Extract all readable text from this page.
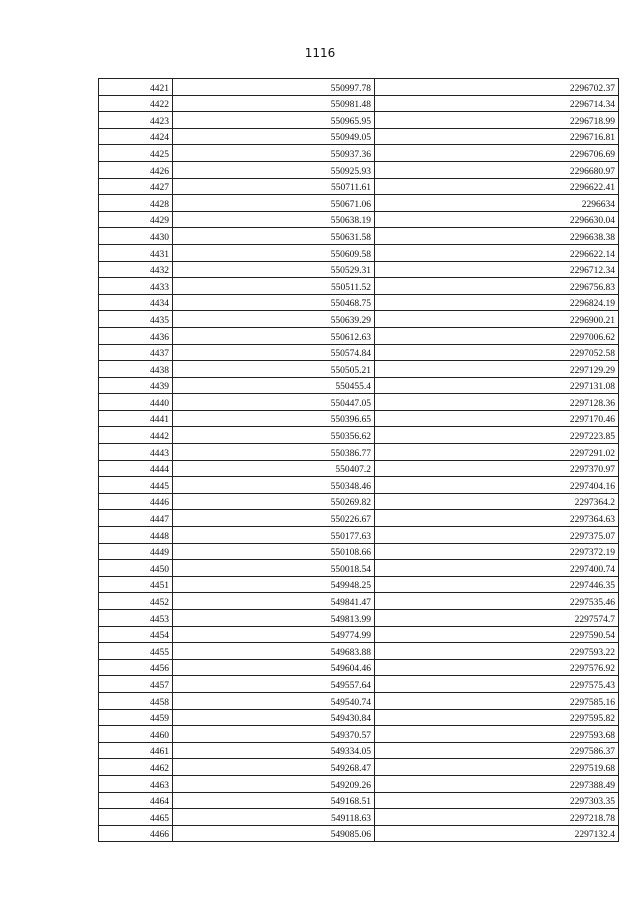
1116
4421	550997.78	2296702.37
4422	550981.48	2296714.34
4423	550965.95	2296718.99
4424	550949.05	2296716.81
4425	550937.36	2296706.69
4426	550925.93	2296680.97
4427	550711.61	2296622.41
4428	550671.06	2296634
4429	550638.19	2296630.04
4430	550631.58	2296638.38
4431	550609.58	2296622.14
4432	550529.31	2296712.34
4433	550511.52	2296756.83
4434	550468.75	2296824.19
4435	550639.29	2296900.21
4436	550612.63	2297006.62
4437	550574.84	2297052.58
4438	550505.21	2297129.29
4439	550455.4	2297131.08
4440	550447.05	2297128.36
4441	550396.65	2297170.46
4442	550356.62	2297223.85
4443	550386.77	2297291.02
4444	550407.2	2297370.97
4445	550348.46	2297404.16
4446	550269.82	2297364.2
4447	550226.67	2297364.63
4448	550177.63	2297375.07
4449	550108.66	2297372.19
4450	550018.54	2297400.74
4451	549948.25	2297446.35
4452	549841.47	2297535.46
4453	549813.99	2297574.7
4454	549774.99	2297590.54
4455	549683.88	2297593.22
4456	549604.46	2297576.92
4457	549557.64	2297575.43
4458	549540.74	2297585.16
4459	549430.84	2297595.82
4460	549370.57	2297593.68
4461	549334.05	2297586.37
4462	549268.47	2297519.68
4463	549209.26	2297388.49
4464	549168.51	2297303.35
4465	549118.63	2297218.78
4466	549085.06	2297132.4
